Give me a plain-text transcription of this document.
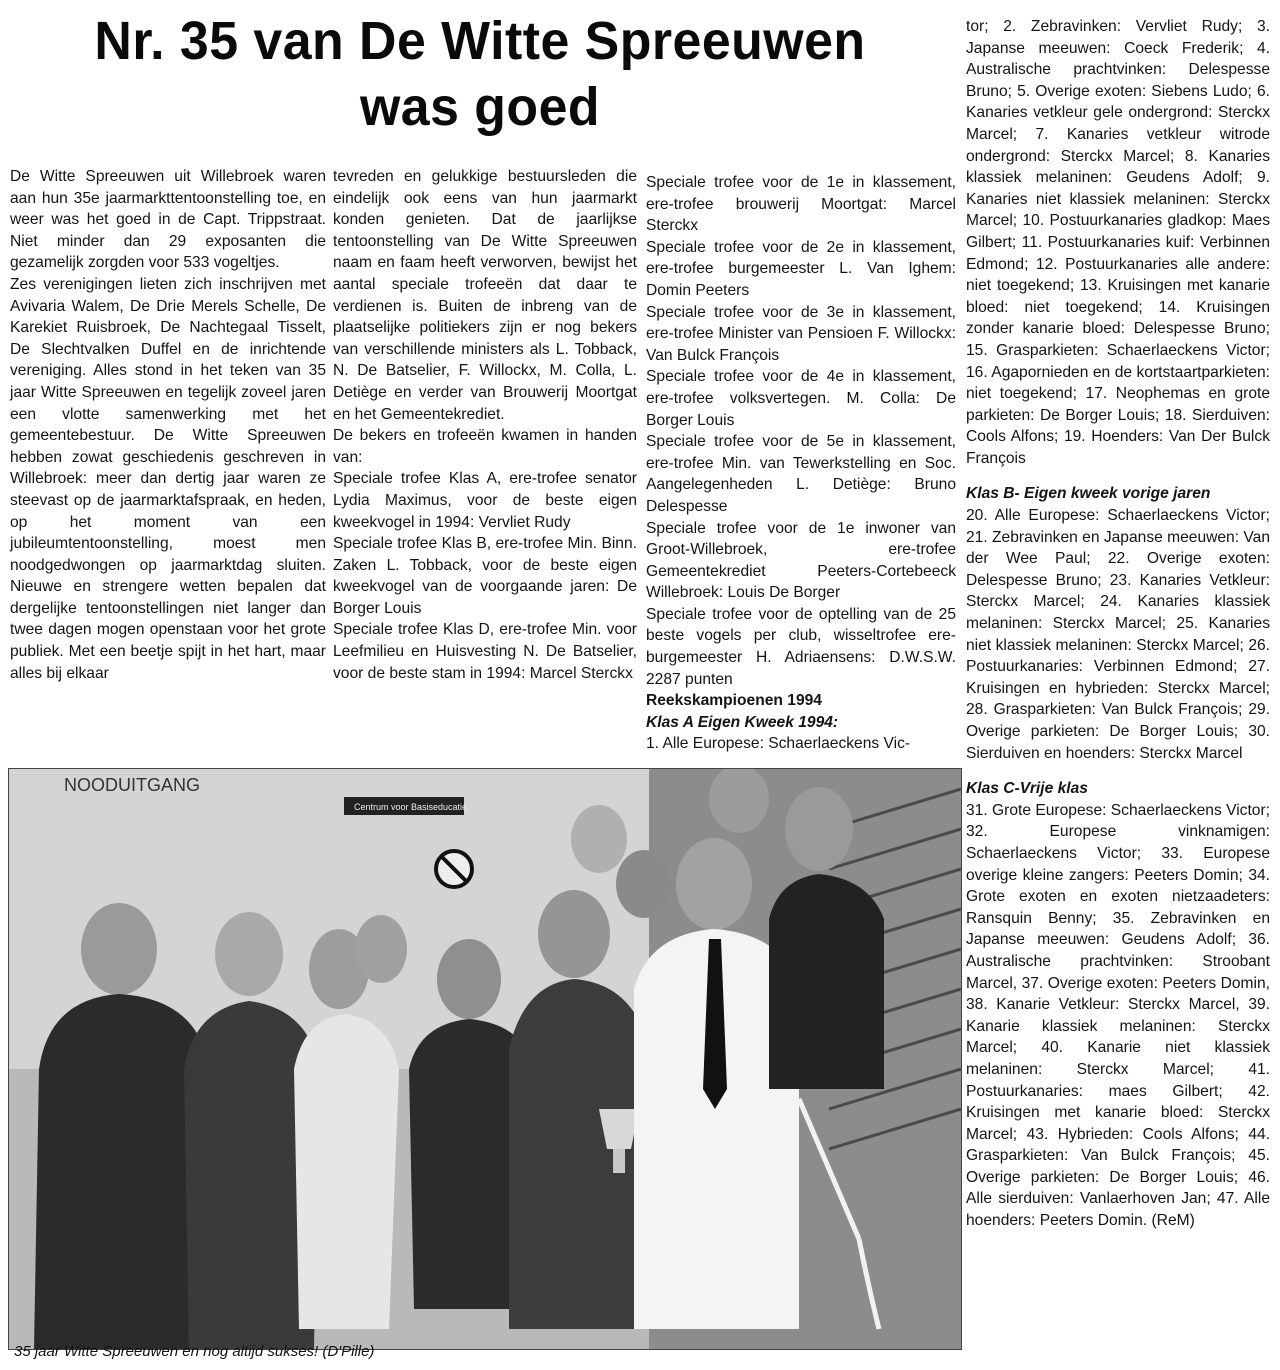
Nr. 35 van De Witte Spreeuwen
was goed

De Witte Spreeuwen uit Willebroek waren aan hun 35e jaarmarkttentoonstelling toe, en weer was het goed in de Capt. Trippstraat. Niet minder dan 29 exposanten die gezamelijk zorgden voor 533 vogeltjes.

Zes verenigingen lieten zich inschrijven met Avivaria Walem, De Drie Merels Schelle, De Karekiet Ruisbroek, De Nachtegaal Tisselt, De Slechtvalken Duffel en de inrichtende vereniging. Alles stond in het teken van 35 jaar Witte Spreeuwen en tegelijk zoveel jaren een vlotte samenwerking met het gemeentebestuur. De Witte Spreeuwen hebben zowat geschiedenis geschreven in Willebroek: meer dan dertig jaar waren ze steevast op de jaarmarktafspraak, en heden, op het moment van een jubileumtentoonstelling, moest men noodgedwongen op jaarmarktdag sluiten. Nieuwe en strengere wetten bepalen dat dergelijke tentoonstellingen niet langer dan twee dagen mogen openstaan voor het grote publiek. Met een beetje spijt in het hart, maar alles bij elkaar

tevreden en gelukkige bestuursleden die eindelijk ook eens van hun jaarmarkt konden genieten. Dat de jaarlijkse tentoonstelling van De Witte Spreeuwen naam en faam heeft verworven, bewijst het aantal speciale trofeeën dat daar te verdienen is. Buiten de inbreng van de plaatselijke politiekers zijn er nog bekers van verschillende ministers als L. Tobback, N. De Batselier, F. Willockx, M. Colla, L. Detiège en verder van Brouwerij Moortgat en het Gemeentekrediet.

De bekers en trofeeën kwamen in handen van:

Speciale trofee Klas A, ere-trofee senator Lydia Maximus, voor de beste eigen kweekvogel in 1994: Vervliet Rudy

Speciale trofee Klas B, ere-trofee Min. Binn. Zaken L. Tobback, voor de beste eigen kweekvogel van de voorgaande jaren: De Borger Louis

Speciale trofee Klas D, ere-trofee Min. voor Leefmilieu en Huisvesting N. De Batselier, voor de beste stam in 1994: Marcel Sterckx

Speciale trofee voor de 1e in klassement, ere-trofee brouwerij Moortgat: Marcel Sterckx

Speciale trofee voor de 2e in klassement, ere-trofee burgemeester L. Van Ighem: Domin Peeters

Speciale trofee voor de 3e in klassement, ere-trofee Minister van Pensioen F. Willockx: Van Bulck François

Speciale trofee voor de 4e in klassement, ere-trofee volksvertegen. M. Colla: De Borger Louis

Speciale trofee voor de 5e in klassement, ere-trofee Min. van Tewerkstelling en Soc. Aangelegenheden L. Detiège: Bruno Delespesse

Speciale trofee voor de 1e inwoner van Groot-Willebroek, ere-trofee Gemeentekrediet Peeters-Cortebeeck Willebroek: Louis De Borger

Speciale trofee voor de optelling van de 25 beste vogels per club, wisseltrofee ere-burgemeester H. Adriaensens: D.W.S.W. 2287 punten

Reekskampioenen 1994

Klas A Eigen Kweek 1994:

1. Alle Europese: Schaerlaeckens Vic-

tor; 2. Zebravinken: Vervliet Rudy; 3. Japanse meeuwen: Coeck Frederik; 4. Australische prachtvinken: Delespesse Bruno; 5. Overige exoten: Siebens Ludo; 6. Kanaries vetkleur gele ondergrond: Sterckx Marcel; 7. Kanaries vetkleur witrode ondergrond: Sterckx Marcel; 8. Kanaries klassiek melaninen: Geudens Adolf; 9. Kanaries niet klassiek melaninen: Sterckx Marcel; 10. Postuurkanaries gladkop: Maes Gilbert; 11. Postuurkanaries kuif: Verbinnen Edmond; 12. Postuurkanaries alle andere: niet toegekend; 13. Kruisingen met kanarie bloed: niet toegekend; 14. Kruisingen zonder kanarie bloed: Delespesse Bruno; 15. Grasparkieten: Schaerlaeckens Victor; 16. Agapornieden en de kortstaartparkieten: niet toegekend; 17. Neophemas en grote parkieten: De Borger Louis; 18. Sierduiven: Cools Alfons; 19. Hoenders: Van Der Bulck François

Klas B- Eigen kweek vorige jaren

20. Alle Europese: Schaerlaeckens Victor; 21. Zebravinken en Japanse meeuwen: Van der Wee Paul; 22. Overige exoten: Delespesse Bruno; 23. Kanaries Vetkleur: Sterckx Marcel; 24. Kanaries klassiek melaninen: Sterckx Marcel; 25. Kanaries niet klassiek melaninen: Sterckx Marcel; 26. Postuurkanaries: Verbinnen Edmond; 27. Kruisingen en hybrieden: Sterckx Marcel; 28. Grasparkieten: Van Bulck François; 29. Overige parkieten: De Borger Louis; 30. Sierduiven en hoenders: Sterckx Marcel

Klas C-Vrije klas

31. Grote Europese: Schaerlaeckens Victor; 32. Europese vinknamigen: Schaerlaeckens Victor; 33. Europese overige kleine zangers: Peeters Domin; 34. Grote exoten en exoten nietzaadeters: Ransquin Benny; 35. Zebravinken en Japanse meeuwen: Geudens Adolf; 36. Australische prachtvinken: Stroobant Marcel, 37. Overige exoten: Peeters Domin, 38. Kanarie Vetkleur: Sterckx Marcel, 39. Kanarie klassiek melaninen: Sterckx Marcel; 40. Kanarie niet klassiek melaninen: Sterckx Marcel; 41. Postuurkanaries: maes Gilbert; 42. Kruisingen met kanarie bloed: Sterckx Marcel; 43. Hybrieden: Cools Alfons; 44. Grasparkieten: Van Bulck François; 45. Overige parkieten: De Borger Louis; 46. Alle sierduiven: Vanlaerhoven Jan; 47. Alle hoenders: Peeters Domin. (ReM)

NOODUITGANG
Centrum voor Basiseducatie
35 jaar Witte Spreeuwen en nog altijd sukses! (D'Pille)
